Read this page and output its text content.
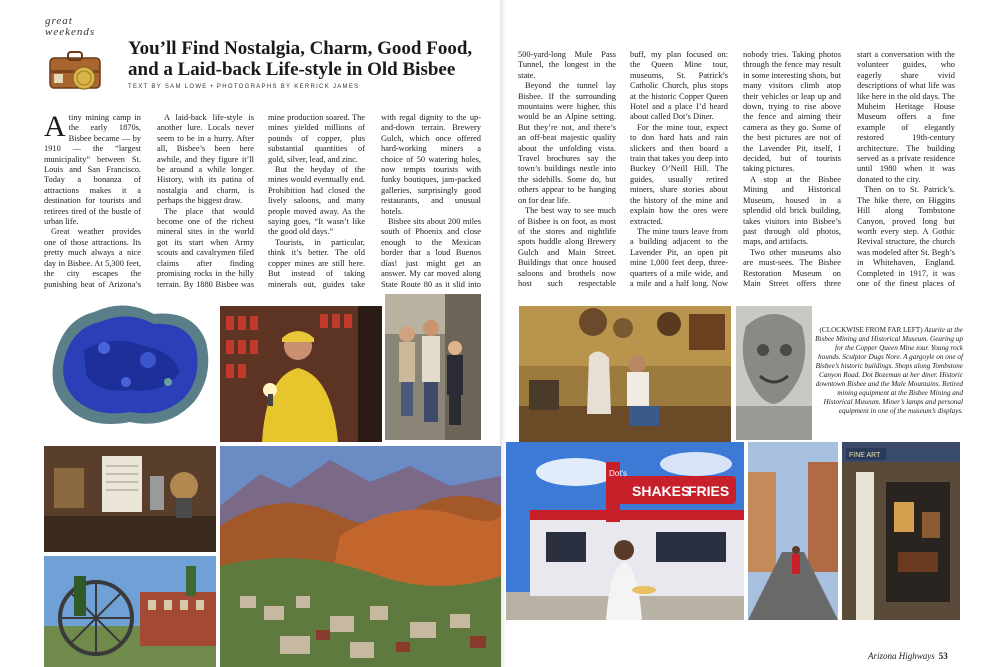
great
weekends
You’ll Find Nostalgia, Charm, Good Food,
and a Laid-back Life-style in Old Bisbee
TEXT BY SAM LOWE • PHOTOGRAPHS BY KERRICK JAMES

Atiny mining camp in the early 1870s, Bisbee became — by 1910 — the “largest municipality” between St. Louis and San Francisco. Today a bonanza of attractions makes it a destination for tourists and retirees tired of the bustle of urban life.

Great weather provides one of those attractions. Its pretty much always a nice day in Bisbee. At 5,300 feet, the city escapes the punishing heat of Arizona’s

A laid-back life-style is another lure. Locals never seem to be in a hurry. After all, Bisbee’s been here awhile, and they figure it’ll be around a while longer. History, with its patina of nostalgia and charm, is perhaps the biggest draw.

The place that would become one of the richest mineral sites in the world got its start when Army scouts and cavalrymen filed claims after finding promising rocks in the hilly terrain. By 1880 Bisbee was

mine production soared. The mines yielded millions of pounds of copper, plus substantial quantities of gold, silver, lead, and zinc.

But the heyday of the mines would eventually end. Prohibition had closed the lively saloons, and many people moved away. As the saying goes, “It wasn’t like the good old days.”

Tourists, in particular, think it’s better. The old copper mines are still here. But instead of taking minerals out, guides take

with regal dignity to the up-and-down terrain. Brewery Gulch, which once offered hard-working miners a choice of 50 watering holes, now tempts tourists with funky boutiques, jam-packed galleries, surprisingly good restaurants, and unusual hotels.

Bisbee sits about 200 miles south of Phoenix and close enough to the Mexican border that a loud Buenos días! just might get an answer. My car moved along State Route 80 as it slid into

500-yard-long Mule Pass Tunnel, the longest in the state.

Beyond the tunnel lay Bisbee. If the surrounding mountains were higher, this would be an Alpine setting. But they’re not, and there’s an off-beat majestic quality about the unfolding vista. Travel brochures say the town’s buildings nestle into the sidehills. Some do, but others appear to be hanging on for dear life.

The best way to see much of Bisbee is on foot, as most of the stores and nightlife spots huddle along Brewery Gulch and Main Street. Buildings that once housed saloons and brothels now host such respectable

buff, my plan focused on: the Queen Mine tour, museums, St. Patrick’s Catholic Church, plus stops at the historic Copper Queen Hotel and a place I’d heard about called Dot’s Diner.

For the mine tour, expect to don hard hats and rain slickers and then board a train that takes you deep into Buckey O’Neill Hill. The guides, usually retired miners, share stories about the history of the mine and explain how the ores were extracted.

The mine tours leave from a building adjacent to the Lavender Pit, an open pit mine 1,000 feet deep, three-quarters of a mile wide, and a mile and a half long. Now

nobody tries. Taking photos through the fence may result in some interesting shots, but many visitors climb atop their vehicles or leap up and down, trying to rise above the fence and aiming their camera as they go. Some of the best pictures are not of the Lavender Pit, itself, I decided, but of tourists taking pictures.

A stop at the Bisbee Mining and Historical Museum, housed in a splendid old brick building, takes visitors into Bisbee’s past through old photos, maps, and artifacts.

Two other museums also are must-sees. The Bisbee Restoration Museum on Main Street offers three

start a conversation with the volunteer guides, who eagerly share vivid descriptions of what life was like here in the old days. The Muheim Heritage House Museum offers a fine example of elegantly restored 19th-century architecture. The building served as a private residence until 1980 when it was donated to the city.

Then on to St. Patrick’s. The hike there, on Higgins Hill along Tombstone Canyon, proved long but worth every step. A Gothic Revival structure, the church was modeled after St. Begh’s in Whitehaven, England. Completed in 1917, it was one of the finest places of

(CLOCKWISE FROM FAR LEFT) Azurite at the Bisbee Mining and Historical Museum. Gearing up for the Copper Queen Mine tour. Young rock hounds. Sculptor Dugs Nore. A gargoyle on one of Bisbee’s historic buildings. Shops along Tombstone Canyon Road. Dot Bozeman at her diner. Historic downtown Bisbee and the Mule Mountains. Retired mining equipment at the Bisbee Mining and Historical Museum. Miner’s lamps and personal equipment in one of the museum’s displays.
SHAKES
FRIES
Dot's
FINE ART
Arizona Highways 53
